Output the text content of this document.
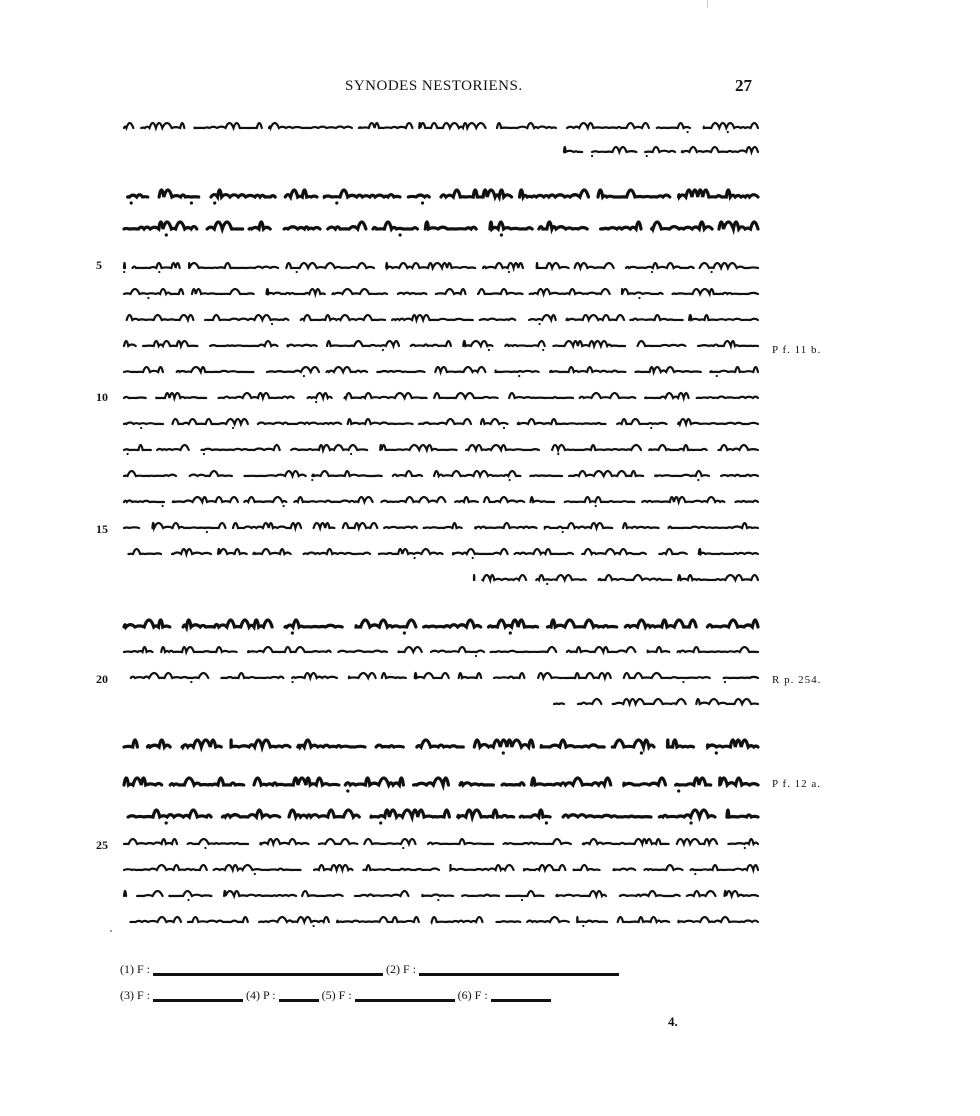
SYNODES NESTORIENS.	27
5
10
15
20
25
P f. 11 b.
R p. 254.
P f. 12 a.
(1) F :	(2) F :
(3) F :	(4) P :	(5) F :	(6) F :
4.
